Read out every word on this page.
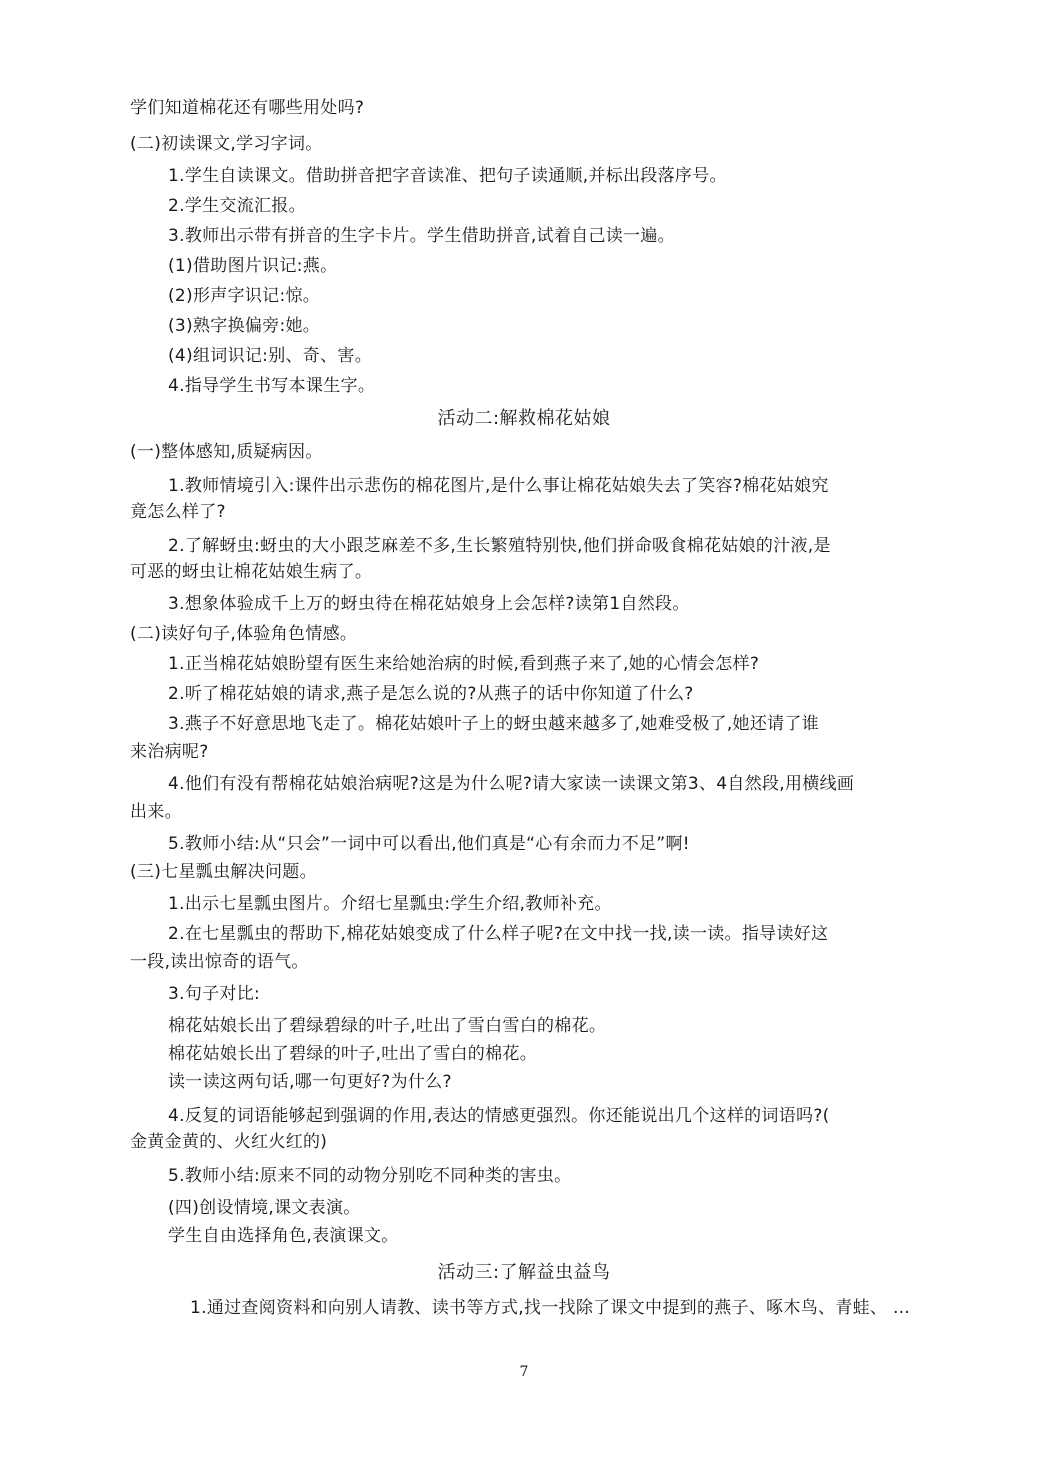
学们知道棉花还有哪些用处吗?
(二)初读课文,学习字词。
1.学生自读课文。借助拼音把字音读准、把句子读通顺,并标出段落序号。
2.学生交流汇报。
3.教师出示带有拼音的生字卡片。学生借助拼音,试着自己读一遍。
(1)借助图片识记:燕。
(2)形声字识记:惊。
(3)熟字换偏旁:她。
(4)组词识记:别、奇、害。
4.指导学生书写本课生字。
活动二:解救棉花姑娘
(一)整体感知,质疑病因。
1.教师情境引入:课件出示悲伤的棉花图片,是什么事让棉花姑娘失去了笑容?棉花姑娘究
竟怎么样了?
2.了解蚜虫:蚜虫的大小跟芝麻差不多,生长繁殖特别快,他们拼命吸食棉花姑娘的汁液,是
可恶的蚜虫让棉花姑娘生病了。
3.想象体验成千上万的蚜虫待在棉花姑娘身上会怎样?读第1自然段。
(二)读好句子,体验角色情感。
1.正当棉花姑娘盼望有医生来给她治病的时候,看到燕子来了,她的心情会怎样?
2.听了棉花姑娘的请求,燕子是怎么说的?从燕子的话中你知道了什么?
3.燕子不好意思地飞走了。棉花姑娘叶子上的蚜虫越来越多了,她难受极了,她还请了谁
来治病呢?
4.他们有没有帮棉花姑娘治病呢?这是为什么呢?请大家读一读课文第3、4自然段,用横线画
出来。
5.教师小结:从“只会”一词中可以看出,他们真是“心有余而力不足”啊!
(三)七星瓢虫解决问题。
1.出示七星瓢虫图片。介绍七星瓢虫:学生介绍,教师补充。
2.在七星瓢虫的帮助下,棉花姑娘变成了什么样子呢?在文中找一找,读一读。指导读好这
一段,读出惊奇的语气。
3.句子对比:
棉花姑娘长出了碧绿碧绿的叶子,吐出了雪白雪白的棉花。
棉花姑娘长出了碧绿的叶子,吐出了雪白的棉花。
读一读这两句话,哪一句更好?为什么?
4.反复的词语能够起到强调的作用,表达的情感更强烈。你还能说出几个这样的词语吗?(
金黄金黄的、火红火红的)
5.教师小结:原来不同的动物分别吃不同种类的害虫。
(四)创设情境,课文表演。
学生自由选择角色,表演课文。
活动三:了解益虫益鸟
1.通过查阅资料和向别人请教、读书等方式,找一找除了课文中提到的燕子、啄木鸟、青蛙、 …
7
